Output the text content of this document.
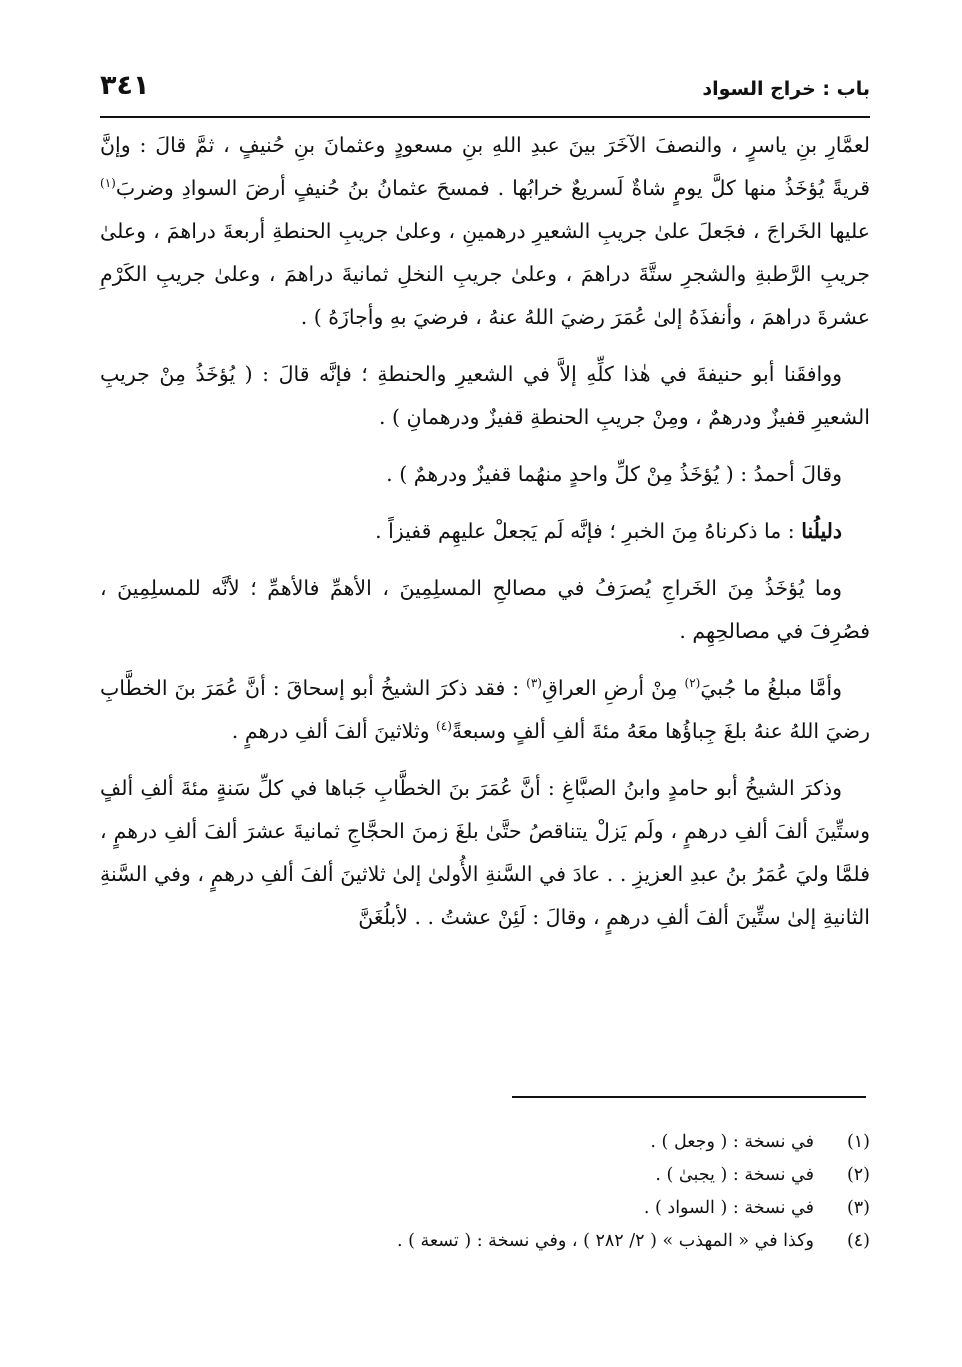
باب : خراج السواد
٣٤١

لعمَّارِ بنِ ياسرٍ ، والنصفَ الآخَرَ بينَ عبدِ اللهِ بنِ مسعودٍ وعثمانَ بنِ حُنيفٍ ، ثمَّ قالَ : وإنَّ قريةً يُؤخَذُ منها كلَّ يومٍ شاةٌ لَسريعٌ خرابُها . فمسحَ عثمانُ بنُ حُنيفٍ أرضَ السوادِ وضربَ$^{(١)}$ عليها الخَراجَ ، فجَعلَ علىٰ جريبِ الشعيرِ درهمينِ ، وعلىٰ جريبِ الحنطةِ أربعةَ دراهمَ ، وعلىٰ جريبِ الرَّطبةِ والشجرِ ستَّةَ دراهمَ ، وعلىٰ جريبِ النخلِ ثمانيةَ دراهمَ ، وعلىٰ جريبِ الكَرْمِ عشرةَ دراهمَ ، وأنفذَهُ إلىٰ عُمَرَ رضيَ اللهُ عنهُ ، فرضيَ بهِ وأجازَهُ ) .

ووافقَنا أبو حنيفةَ في هٰذا كلِّهِ إلاَّ في الشعيرِ والحنطةِ ؛ فإنَّه قالَ : ( يُؤخَذُ مِنْ جريبِ الشعيرِ قفيزٌ ودرهمٌ ، ومِنْ جريبِ الحنطةِ قفيزٌ ودرهمانِ ) .

وقالَ أحمدُ : ( يُؤخَذُ مِنْ كلِّ واحدٍ منهُما قفيزٌ ودرهمٌ ) .

دليلُنا : ما ذكرناهُ مِنَ الخبرِ ؛ فإنَّه لَم يَجعلْ عليهِم قفيزاً .

وما يُؤخَذُ مِنَ الخَراجِ يُصرَفُ في مصالحِ المسلِمِينَ ، الأهمِّ فالأهمِّ ؛ لأنَّه للمسلِمِينَ ، فصُرِفَ في مصالحِهِم .

وأمَّا مبلغُ ما جُبيَ$^{(٢)}$ مِنْ أرضِ العراقِ$^{(٣)}$ : فقد ذكرَ الشيخُ أبو إسحاقَ : أنَّ عُمَرَ بنَ الخطَّابِ رضيَ اللهُ عنهُ بلغَ جِباؤُها معَهُ مئةَ ألفِ ألفٍ وسبعةً$^{(٤)}$ وثلاثينَ ألفَ ألفِ درهمٍ .

وذكرَ الشيخُ أبو حامدٍ وابنُ الصبَّاغِ : أنَّ عُمَرَ بنَ الخطَّابِ جَباها في كلِّ سَنةٍ مئةَ ألفِ ألفٍ وستِّينَ ألفَ ألفِ درهمٍ ، ولَم يَزلْ يتناقصُ حتَّىٰ بلغَ زمنَ الحجَّاجِ ثمانيةَ عشرَ ألفَ ألفِ درهمٍ ، فلمَّا وليَ عُمَرُ بنُ عبدِ العزيزِ . . عادَ في السَّنةِ الأُولىٰ إلىٰ ثلاثينَ ألفَ ألفِ درهمٍ ، وفي السَّنةِ الثانيةِ إلىٰ ستِّينَ ألفَ ألفِ درهمٍ ، وقالَ : لَئِنْ عشتُ . . لأبلُغَنَّ

(١)
في نسخة : ( وجعل ) .
(٢)
في نسخة : ( يجبىٰ ) .
(٣)
في نسخة : ( السواد ) .
(٤)
وكذا في « المهذب » ( ٢/ ٢٨٢ ) ، وفي نسخة : ( تسعة ) .
